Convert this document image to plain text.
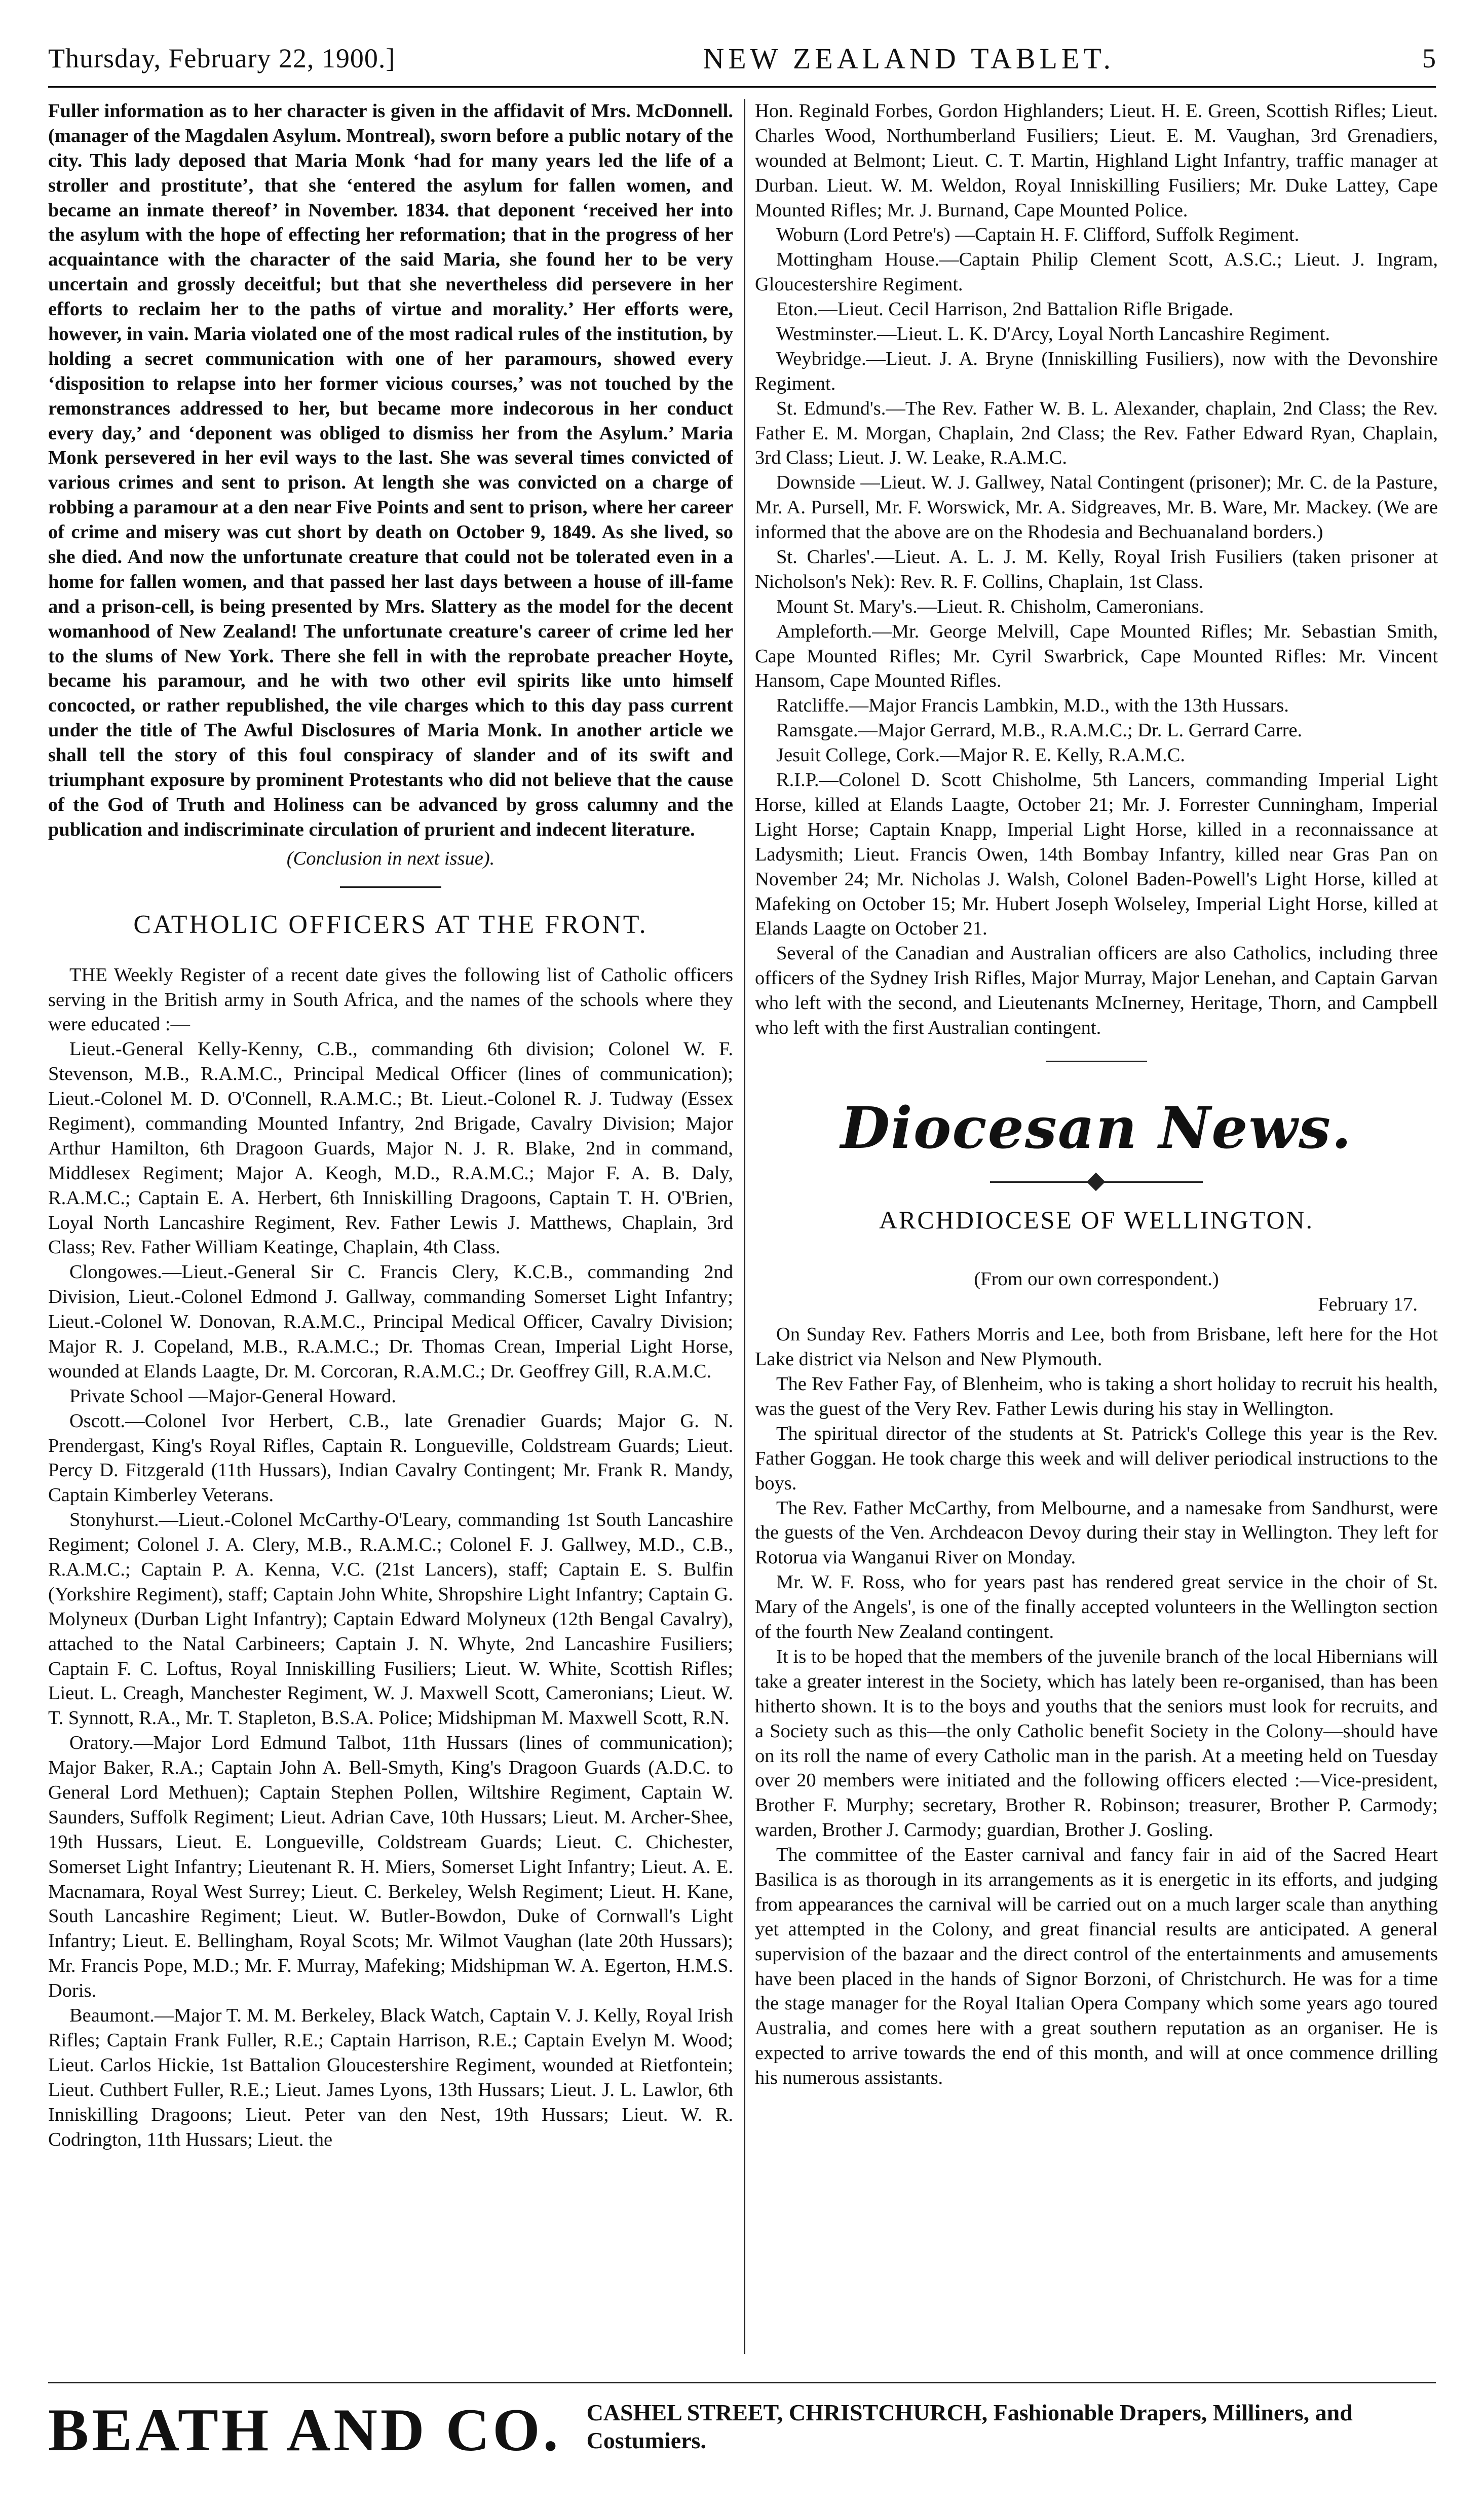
Thursday, February 22, 1900.]	NEW ZEALAND TABLET.	5

Fuller information as to her character is given in the affidavit of Mrs. McDonnell. (manager of the Magdalen Asylum. Montreal), sworn before a public notary of the city. This lady deposed that Maria Monk ‘had for many years led the life of a stroller and prostitute’, that she ‘entered the asylum for fallen women, and became an inmate thereof’ in November. 1834. that deponent ‘received her into the asylum with the hope of effecting her reformation; that in the progress of her acquaintance with the character of the said Maria, she found her to be very uncertain and grossly deceitful; but that she nevertheless did persevere in her efforts to reclaim her to the paths of virtue and morality.’ Her efforts were, however, in vain. Maria violated one of the most radical rules of the institution, by holding a secret communication with one of her paramours, showed every ‘disposition to relapse into her former vicious courses,’ was not touched by the remonstrances addressed to her, but became more indecorous in her conduct every day,’ and ‘deponent was obliged to dismiss her from the Asylum.’ Maria Monk persevered in her evil ways to the last. She was several times convicted of various crimes and sent to prison. At length she was convicted on a charge of robbing a paramour at a den near Five Points and sent to prison, where her career of crime and misery was cut short by death on October 9, 1849. As she lived, so she died. And now the unfortunate creature that could not be tolerated even in a home for fallen women, and that passed her last days between a house of ill-fame and a prison-cell, is being presented by Mrs. Slattery as the model for the decent womanhood of New Zealand! The unfortunate creature's career of crime led her to the slums of New York. There she fell in with the reprobate preacher Hoyte, became his paramour, and he with two other evil spirits like unto himself concocted, or rather republished, the vile charges which to this day pass current under the title of The Awful Disclosures of Maria Monk. In another article we shall tell the story of this foul conspiracy of slander and of its swift and triumphant exposure by prominent Protestants who did not believe that the cause of the God of Truth and Holiness can be advanced by gross calumny and the publication and indiscriminate circulation of prurient and indecent literature.

(Conclusion in next issue).
CATHOLIC OFFICERS AT THE FRONT.

THE Weekly Register of a recent date gives the following list of Catholic officers serving in the British army in South Africa, and the names of the schools where they were educated :—

Lieut.-General Kelly-Kenny, C.B., commanding 6th division; Colonel W. F. Stevenson, M.B., R.A.M.C., Principal Medical Officer (lines of communication); Lieut.-Colonel M. D. O'Connell, R.A.M.C.; Bt. Lieut.-Colonel R. J. Tudway (Essex Regiment), commanding Mounted Infantry, 2nd Brigade, Cavalry Division; Major Arthur Hamilton, 6th Dragoon Guards, Major N. J. R. Blake, 2nd in command, Middlesex Regiment; Major A. Keogh, M.D., R.A.M.C.; Major F. A. B. Daly, R.A.M.C.; Captain E. A. Herbert, 6th Inniskilling Dragoons, Captain T. H. O'Brien, Loyal North Lancashire Regiment, Rev. Father Lewis J. Matthews, Chaplain, 3rd Class; Rev. Father William Keatinge, Chaplain, 4th Class.

Clongowes.—Lieut.-General Sir C. Francis Clery, K.C.B., commanding 2nd Division, Lieut.-Colonel Edmond J. Gallway, commanding Somerset Light Infantry; Lieut.-Colonel W. Donovan, R.A.M.C., Principal Medical Officer, Cavalry Division; Major R. J. Copeland, M.B., R.A.M.C.; Dr. Thomas Crean, Imperial Light Horse, wounded at Elands Laagte, Dr. M. Corcoran, R.A.M.C.; Dr. Geoffrey Gill, R.A.M.C.

Private School —Major-General Howard.

Oscott.—Colonel Ivor Herbert, C.B., late Grenadier Guards; Major G. N. Prendergast, King's Royal Rifles, Captain R. Longueville, Coldstream Guards; Lieut. Percy D. Fitzgerald (11th Hussars), Indian Cavalry Contingent; Mr. Frank R. Mandy, Captain Kimberley Veterans.

Stonyhurst.—Lieut.-Colonel McCarthy-O'Leary, commanding 1st South Lancashire Regiment; Colonel J. A. Clery, M.B., R.A.M.C.; Colonel F. J. Gallwey, M.D., C.B., R.A.M.C.; Captain P. A. Kenna, V.C. (21st Lancers), staff; Captain E. S. Bulfin (Yorkshire Regiment), staff; Captain John White, Shropshire Light Infantry; Captain G. Molyneux (Durban Light Infantry); Captain Edward Molyneux (12th Bengal Cavalry), attached to the Natal Carbineers; Captain J. N. Whyte, 2nd Lancashire Fusiliers; Captain F. C. Loftus, Royal Inniskilling Fusiliers; Lieut. W. White, Scottish Rifles; Lieut. L. Creagh, Manchester Regiment, W. J. Maxwell Scott, Cameronians; Lieut. W. T. Synnott, R.A., Mr. T. Stapleton, B.S.A. Police; Midshipman M. Maxwell Scott, R.N.

Oratory.—Major Lord Edmund Talbot, 11th Hussars (lines of communication); Major Baker, R.A.; Captain John A. Bell-Smyth, King's Dragoon Guards (A.D.C. to General Lord Methuen); Captain Stephen Pollen, Wiltshire Regiment, Captain W. Saunders, Suffolk Regiment; Lieut. Adrian Cave, 10th Hussars; Lieut. M. Archer-Shee, 19th Hussars, Lieut. E. Longueville, Coldstream Guards; Lieut. C. Chichester, Somerset Light Infantry; Lieutenant R. H. Miers, Somerset Light Infantry; Lieut. A. E. Macnamara, Royal West Surrey; Lieut. C. Berkeley, Welsh Regiment; Lieut. H. Kane, South Lancashire Regiment; Lieut. W. Butler-Bowdon, Duke of Cornwall's Light Infantry; Lieut. E. Bellingham, Royal Scots; Mr. Wilmot Vaughan (late 20th Hussars); Mr. Francis Pope, M.D.; Mr. F. Murray, Mafeking; Midshipman W. A. Egerton, H.M.S. Doris.

Beaumont.—Major T. M. M. Berkeley, Black Watch, Captain V. J. Kelly, Royal Irish Rifles; Captain Frank Fuller, R.E.; Captain Harrison, R.E.; Captain Evelyn M. Wood; Lieut. Carlos Hickie, 1st Battalion Gloucestershire Regiment, wounded at Rietfontein; Lieut. Cuthbert Fuller, R.E.; Lieut. James Lyons, 13th Hussars; Lieut. J. L. Lawlor, 6th Inniskilling Dragoons; Lieut. Peter van den Nest, 19th Hussars; Lieut. W. R. Codrington, 11th Hussars; Lieut. the

Hon. Reginald Forbes, Gordon Highlanders; Lieut. H. E. Green, Scottish Rifles; Lieut. Charles Wood, Northumberland Fusiliers; Lieut. E. M. Vaughan, 3rd Grenadiers, wounded at Belmont; Lieut. C. T. Martin, Highland Light Infantry, traffic manager at Durban. Lieut. W. M. Weldon, Royal Inniskilling Fusiliers; Mr. Duke Lattey, Cape Mounted Rifles; Mr. J. Burnand, Cape Mounted Police.

Woburn (Lord Petre's) —Captain H. F. Clifford, Suffolk Regiment.

Mottingham House.—Captain Philip Clement Scott, A.S.C.; Lieut. J. Ingram, Gloucestershire Regiment.

Eton.—Lieut. Cecil Harrison, 2nd Battalion Rifle Brigade.

Westminster.—Lieut. L. K. D'Arcy, Loyal North Lancashire Regiment.

Weybridge.—Lieut. J. A. Bryne (Inniskilling Fusiliers), now with the Devonshire Regiment.

St. Edmund's.—The Rev. Father W. B. L. Alexander, chaplain, 2nd Class; the Rev. Father E. M. Morgan, Chaplain, 2nd Class; the Rev. Father Edward Ryan, Chaplain, 3rd Class; Lieut. J. W. Leake, R.A.M.C.

Downside —Lieut. W. J. Gallwey, Natal Contingent (prisoner); Mr. C. de la Pasture, Mr. A. Pursell, Mr. F. Worswick, Mr. A. Sidgreaves, Mr. B. Ware, Mr. Mackey. (We are informed that the above are on the Rhodesia and Bechuanaland borders.)

St. Charles'.—Lieut. A. L. J. M. Kelly, Royal Irish Fusiliers (taken prisoner at Nicholson's Nek): Rev. R. F. Collins, Chaplain, 1st Class.

Mount St. Mary's.—Lieut. R. Chisholm, Cameronians.

Ampleforth.—Mr. George Melvill, Cape Mounted Rifles; Mr. Sebastian Smith, Cape Mounted Rifles; Mr. Cyril Swarbrick, Cape Mounted Rifles: Mr. Vincent Hansom, Cape Mounted Rifles.

Ratcliffe.—Major Francis Lambkin, M.D., with the 13th Hussars.

Ramsgate.—Major Gerrard, M.B., R.A.M.C.; Dr. L. Gerrard Carre.

Jesuit College, Cork.—Major R. E. Kelly, R.A.M.C.

R.I.P.—Colonel D. Scott Chisholme, 5th Lancers, commanding Imperial Light Horse, killed at Elands Laagte, October 21; Mr. J. Forrester Cunningham, Imperial Light Horse; Captain Knapp, Imperial Light Horse, killed in a reconnaissance at Ladysmith; Lieut. Francis Owen, 14th Bombay Infantry, killed near Gras Pan on November 24; Mr. Nicholas J. Walsh, Colonel Baden-Powell's Light Horse, killed at Mafeking on October 15; Mr. Hubert Joseph Wolseley, Imperial Light Horse, killed at Elands Laagte on October 21.

Several of the Canadian and Australian officers are also Catholics, including three officers of the Sydney Irish Rifles, Major Murray, Major Lenehan, and Captain Garvan who left with the second, and Lieutenants McInerney, Heritage, Thorn, and Campbell who left with the first Australian contingent.

Diocesan News.
ARCHDIOCESE OF WELLINGTON.
(From our own correspondent.)
February 17.

On Sunday Rev. Fathers Morris and Lee, both from Brisbane, left here for the Hot Lake district via Nelson and New Plymouth.

The Rev Father Fay, of Blenheim, who is taking a short holiday to recruit his health, was the guest of the Very Rev. Father Lewis during his stay in Wellington.

The spiritual director of the students at St. Patrick's College this year is the Rev. Father Goggan. He took charge this week and will deliver periodical instructions to the boys.

The Rev. Father McCarthy, from Melbourne, and a namesake from Sandhurst, were the guests of the Ven. Archdeacon Devoy during their stay in Wellington. They left for Rotorua via Wanganui River on Monday.

Mr. W. F. Ross, who for years past has rendered great service in the choir of St. Mary of the Angels', is one of the finally accepted volunteers in the Wellington section of the fourth New Zealand contingent.

It is to be hoped that the members of the juvenile branch of the local Hibernians will take a greater interest in the Society, which has lately been re-organised, than has been hitherto shown. It is to the boys and youths that the seniors must look for recruits, and a Society such as this—the only Catholic benefit Society in the Colony—should have on its roll the name of every Catholic man in the parish. At a meeting held on Tuesday over 20 members were initiated and the following officers elected :—Vice-president, Brother F. Murphy; secretary, Brother R. Robinson; treasurer, Brother P. Carmody; warden, Brother J. Carmody; guardian, Brother J. Gosling.

The committee of the Easter carnival and fancy fair in aid of the Sacred Heart Basilica is as thorough in its arrangements as it is energetic in its efforts, and judging from appearances the carnival will be carried out on a much larger scale than anything yet attempted in the Colony, and great financial results are anticipated. A general supervision of the bazaar and the direct control of the entertainments and amusements have been placed in the hands of Signor Borzoni, of Christchurch. He was for a time the stage manager for the Royal Italian Opera Company which some years ago toured Australia, and comes here with a great southern reputation as an organiser. He is expected to arrive towards the end of this month, and will at once commence drilling his numerous assistants.

BEATH AND CO. CASHEL STREET, CHRISTCHURCH, Fashionable Drapers, Milliners, and
Costumiers.
